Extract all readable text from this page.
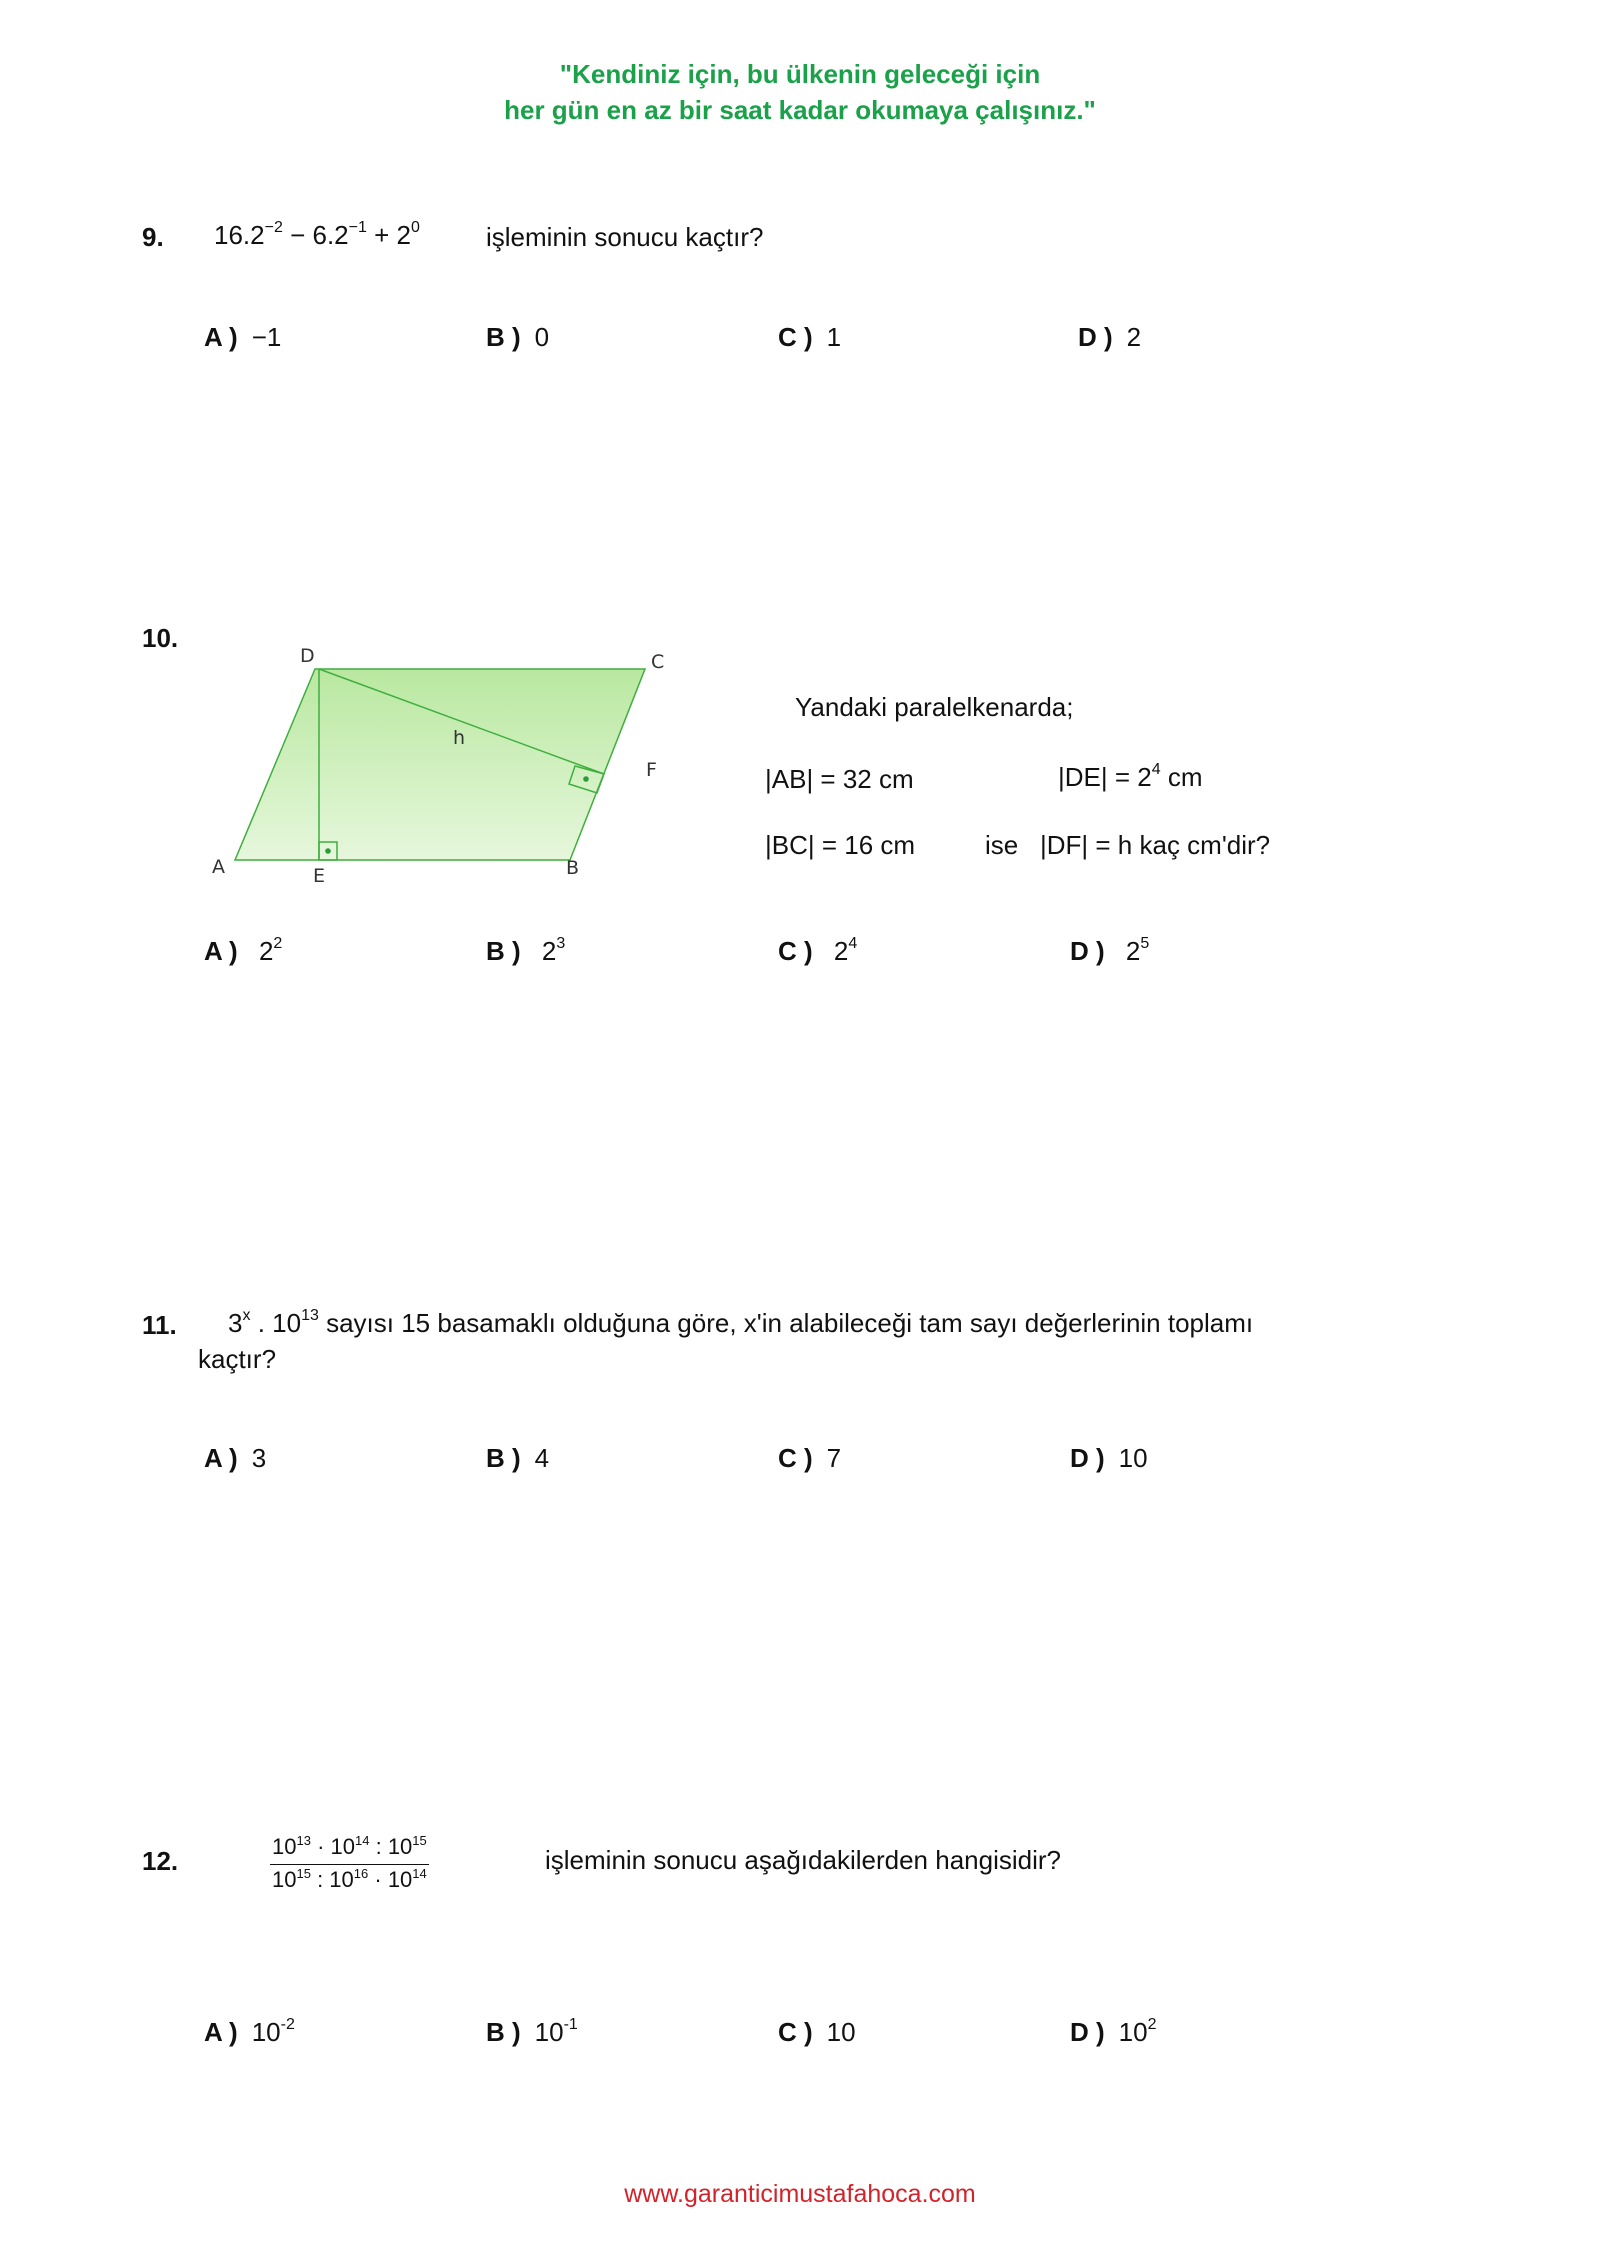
"Kendiniz için, bu ülkenin geleceği için
her gün en az bir saat kadar okumaya çalışınız."
9. $16.2^{-2} - 6.2^{-1} + 2^0$	işleminin sonucu kaçtır?
A ) −1	B ) 0	C ) 1	D ) 2
10.
D	C
h
F
A	E	B
Yandaki paralelkenarda;
|AB| = 32 cm	$|DE| = 2^4$ cm
|BC| = 16 cm	ise |DF| = h kaç cm'dir?
A ) $2^2$	B ) $2^3$	C ) $2^4$	D ) $2^5$
11. 3$^x$ . $10^{13}$ sayısı 15 basamaklı olduğuna göre, x'in alabileceği tam sayı değerlerinin toplamı
kaçtır?
A ) 3	B ) 4	C ) 7	D ) 10
12.	$\frac{10^{13} \cdot 10^{14} : 10^{15}}{10^{15} : 10^{16} \cdot 10^{14}}$	işleminin sonucu aşağıdakilerden hangisidir?
A ) $10^{-2}$	B ) $10^{-1}$	C ) 10	D ) $10^2$
www.garanticimustafahoca.com
